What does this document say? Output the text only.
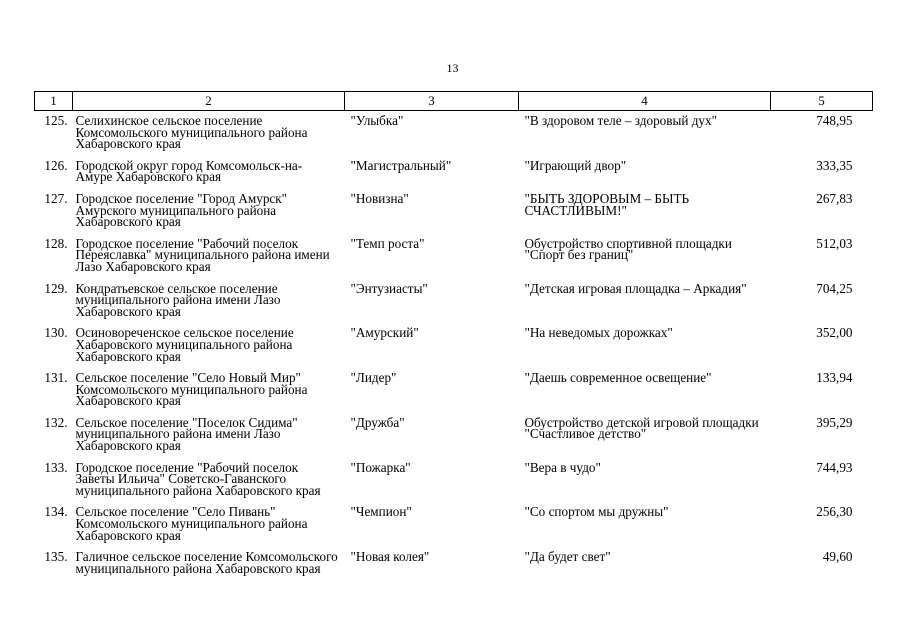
13
1	2	3	4	5
125.	Селихинское сельское поселение Комсомольского муниципального района Хабаровского края	"Улыбка"	"В здоровом теле – здоровый дух"	748,95
126.	Городской округ город Комсомольск-на-Амуре Хабаровского края	"Магистральный"	"Играющий двор"	333,35
127.	Городское поселение "Город Амурск" Амурского муниципального района Хабаровского края	"Новизна"	"БЫТЬ ЗДОРОВЫМ – БЫТЬ СЧАСТЛИВЫМ!"	267,83
128.	Городское поселение "Рабочий поселок Переяславка" муниципального района имени Лазо Хабаровского края	"Темп роста"	Обустройство спортивной площадки "Спорт без границ"	512,03
129.	Кондратьевское сельское поселение муниципального района имени Лазо Хабаровского края	"Энтузиасты"	"Детская игровая площадка – Аркадия"	704,25
130.	Осиновореченское сельское поселение Хабаровского муниципального района Хабаровского края	"Амурский"	"На неведомых дорожках"	352,00
131.	Сельское поселение "Село Новый Мир" Комсомольского муниципального района Хабаровского края	"Лидер"	"Даешь современное освещение"	133,94
132.	Сельское поселение "Поселок Сидима" муниципального района имени Лазо Хабаровского края	"Дружба"	Обустройство детской игровой площадки "Счастливое детство"	395,29
133.	Городское поселение "Рабочий поселок Заветы Ильича" Советско-Гаванского муниципального района Хабаровского края	"Пожарка"	"Вера в чудо"	744,93
134.	Сельское поселение "Село Пивань" Комсомольского муниципального района Хабаровского края	"Чемпион"	"Со спортом мы дружны"	256,30
135.	Галичное сельское поселение Комсомольского муниципального района Хабаровского края	"Новая колея"	"Да будет свет"	49,60
